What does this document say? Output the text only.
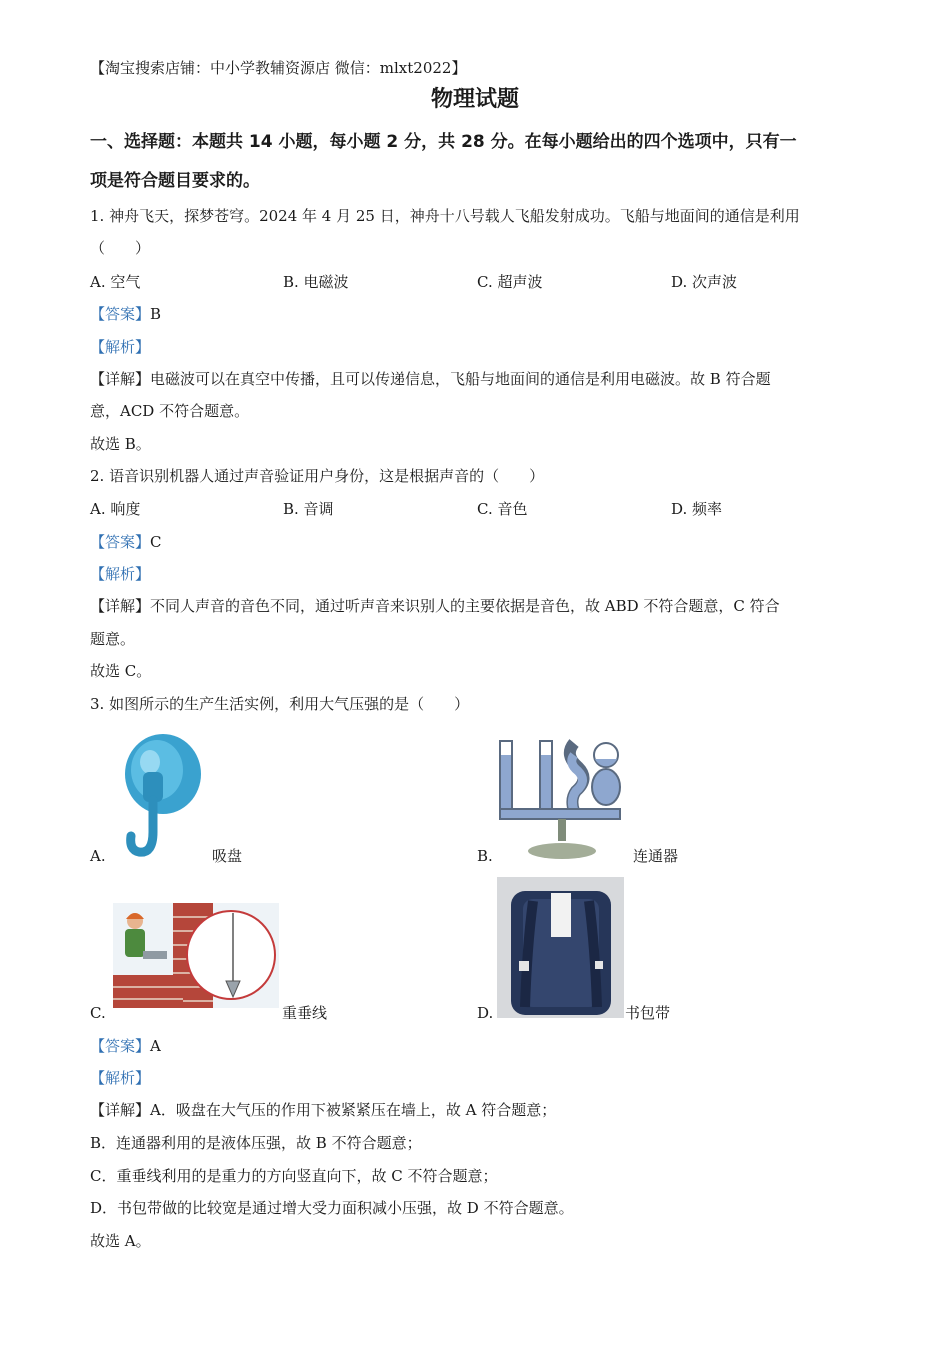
【淘宝搜索店铺：中小学教辅资源店 微信：mlxt2022】
物理试题
一、选择题：本题共 14 小题，每小题 2 分，共 28 分。在每小题给出的四个选项中，只有一
项是符合题目要求的。
1. 神舟飞天，探梦苍穹。2024 年 4 月 25 日，神舟十八号载人飞船发射成功。飞船与地面间的通信是利用
（　　）
A. 空气	B. 电磁波	C. 超声波	D. 次声波
【答案】B
【解析】
【详解】电磁波可以在真空中传播，且可以传递信息，飞船与地面间的通信是利用电磁波。故 B 符合题
意，ACD 不符合题意。
故选 B。
2. 语音识别机器人通过声音验证用户身份，这是根据声音的（　　）
A. 响度	B. 音调	C. 音色	D. 频率
【答案】C
【解析】
【详解】不同人声音的音色不同，通过听声音来识别人的主要依据是音色，故 ABD 不符合题意，C 符合
题意。
故选 C。
3. 如图所示的生产生活实例，利用大气压强的是（　　）
A.	吸盘	B.	连通器
C.	重垂线	D.	书包带
【答案】A
【解析】
【详解】A．吸盘在大气压的作用下被紧紧压在墙上，故 A 符合题意；
B．连通器利用的是液体压强，故 B 不符合题意；
C．重垂线利用的是重力的方向竖直向下，故 C 不符合题意；
D．书包带做的比较宽是通过增大受力面积减小压强，故 D 不符合题意。
故选 A。
